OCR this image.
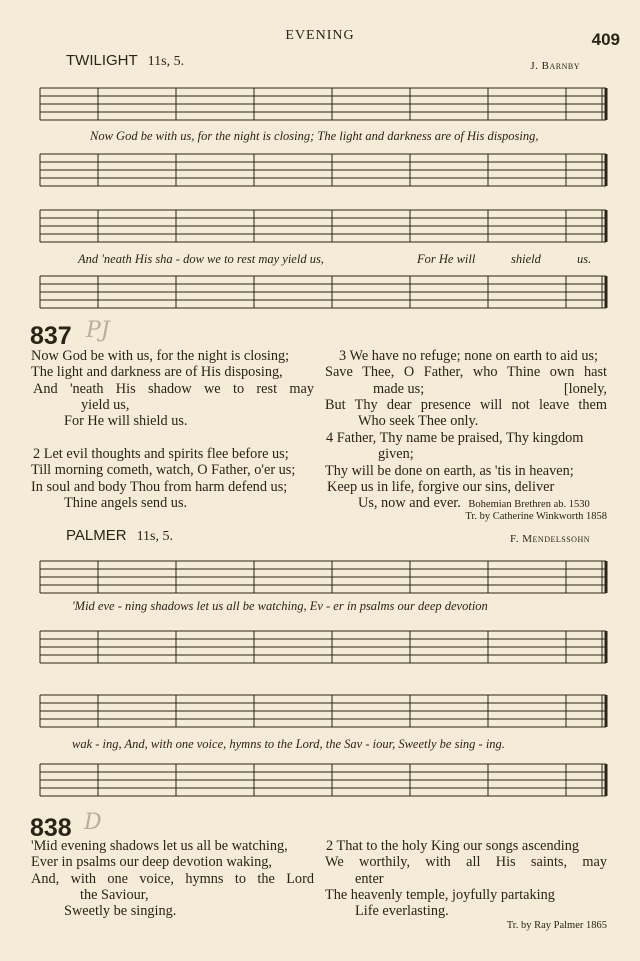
EVENING	409
TWILIGHT 11s, 5.	J. Barnby
Now God be with us, for the night is closing; The light and darkness are of His disposing,
And 'neath His sha - dow we to rest may yield us,	For He will	shield	us.
837 PJ
Now God be with us, for the night is closing;
The light and darkness are of His disposing,
And 'neath His shadow we to rest may
yield us,
For He will shield us.
2 Let evil thoughts and spirits flee before us;
Till morning cometh, watch, O Father, o'er us;
In soul and body Thou from harm defend us;
Thine angels send us.
3 We have no refuge; none on earth to aid us;
Save Thee, O Father, who Thine own hast
made us;	[lonely,
But Thy dear presence will not leave them
Who seek Thee only.
4 Father, Thy name be praised, Thy kingdom
given;
Thy will be done on earth, as 'tis in heaven;
Keep us in life, forgive our sins, deliver
Us, now and ever. Bohemian Brethren ab. 1530
Tr. by Catherine Winkworth 1858
PALMER 11s, 5.	F. Mendelssohn
'Mid eve - ning shadows let us all be watching, Ev - er in psalms our deep devotion
wak - ing, And, with one voice, hymns to the Lord, the Sav - iour, Sweetly be sing - ing.
838 D
'Mid evening shadows let us all be watching,
Ever in psalms our deep devotion waking,
And, with one voice, hymns to the Lord
the Saviour,
Sweetly be singing.
2 That to the holy King our songs ascending
We worthily, with all His saints, may
enter
The heavenly temple, joyfully partaking
Life everlasting.
Tr. by Ray Palmer 1865
